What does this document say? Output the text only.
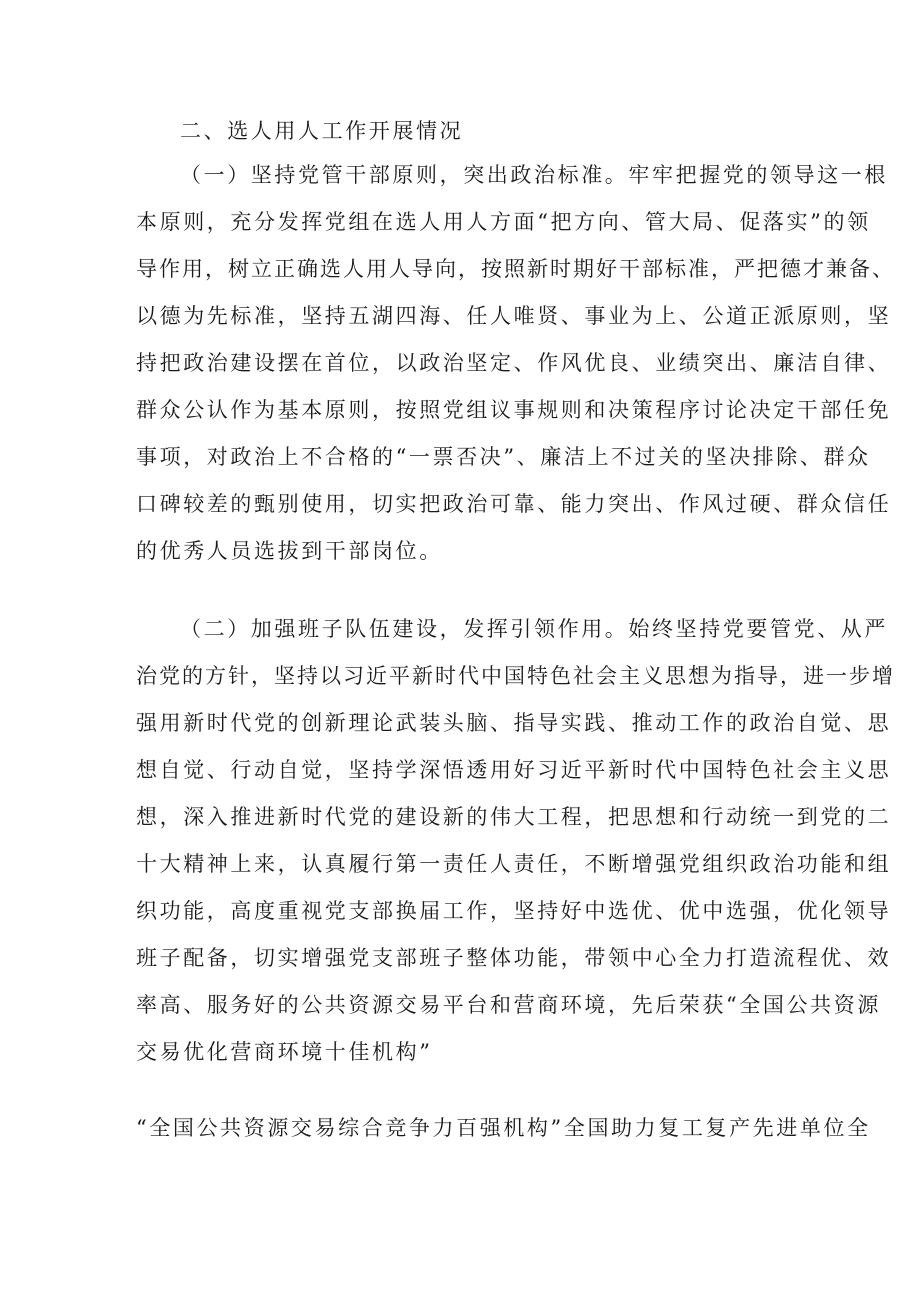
二、选人用人工作开展情况
（一）坚持党管干部原则，突出政治标准。牢牢把握党的领导这一根
本原则，充分发挥党组在选人用人方面“把方向、管大局、促落实”的领
导作用，树立正确选人用人导向，按照新时期好干部标准，严把德才兼备、
以德为先标准，坚持五湖四海、任人唯贤、事业为上、公道正派原则，坚
持把政治建设摆在首位，以政治坚定、作风优良、业绩突出、廉洁自律、
群众公认作为基本原则，按照党组议事规则和决策程序讨论决定干部任免
事项，对政治上不合格的“一票否决”、廉洁上不过关的坚决排除、群众
口碑较差的甄别使用，切实把政治可靠、能力突出、作风过硬、群众信任
的优秀人员选拔到干部岗位。
（二）加强班子队伍建设，发挥引领作用。始终坚持党要管党、从严
治党的方针，坚持以习近平新时代中国特色社会主义思想为指导，进一步增
强用新时代党的创新理论武装头脑、指导实践、推动工作的政治自觉、思
想自觉、行动自觉，坚持学深悟透用好习近平新时代中国特色社会主义思
想，深入推进新时代党的建设新的伟大工程，把思想和行动统一到党的二
十大精神上来，认真履行第一责任人责任，不断增强党组织政治功能和组
织功能，高度重视党支部换届工作，坚持好中选优、优中选强，优化领导
班子配备，切实增强党支部班子整体功能，带领中心全力打造流程优、效
率高、服务好的公共资源交易平台和营商环境，先后荣获“全国公共资源
交易优化营商环境十佳机构”
“全国公共资源交易综合竞争力百强机构”全国助力复工复产先进单位全
